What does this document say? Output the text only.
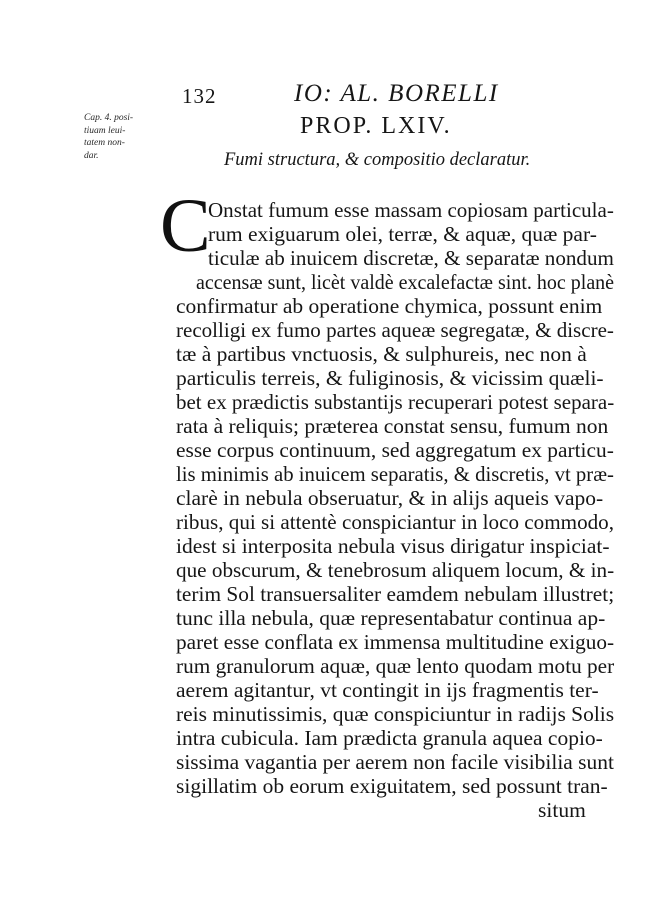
Cap. 4. posi-
tiuam leui-
tatem non-
dar.
132	IO: AL. BORELLI
PROP. LXIV.
Fumi structura, & compositio declaratur.
C
Onstat fumum esse massam copiosam particula-
rum exiguarum olei, terræ, & aquæ, quæ par-
ticulæ ab inuicem discretæ, & separatæ nondum
accensæ sunt, licèt valdè excalefactæ sint. hoc planè
confirmatur ab operatione chymica, possunt enim
recolligi ex fumo partes aqueæ segregatæ, & discre-
tæ à partibus vnctuosis, & sulphureis, nec non à
particulis terreis, & fuliginosis, & vicissim quæli-
bet ex prædictis substantijs recuperari potest separa-
rata à reliquis; præterea constat sensu, fumum non
esse corpus continuum, sed aggregatum ex particu-
lis minimis ab inuicem separatis, & discretis, vt præ-
clarè in nebula obseruatur, & in alijs aqueis vapo-
ribus, qui si attentè conspiciantur in loco commodo,
idest si interposita nebula visus dirigatur inspiciat-
que obscurum, & tenebrosum aliquem locum, & in-
terim Sol transuersaliter eamdem nebulam illustret;
tunc illa nebula, quæ representabatur continua ap-
paret esse conflata ex immensa multitudine exiguo-
rum granulorum aquæ, quæ lento quodam motu per
aerem agitantur, vt contingit in ijs fragmentis ter-
reis minutissimis, quæ conspiciuntur in radijs Solis
intra cubicula. Iam prædicta granula aquea copio-
sissima vagantia per aerem non facile visibilia sunt
sigillatim ob eorum exiguitatem, sed possunt tran-
situm
